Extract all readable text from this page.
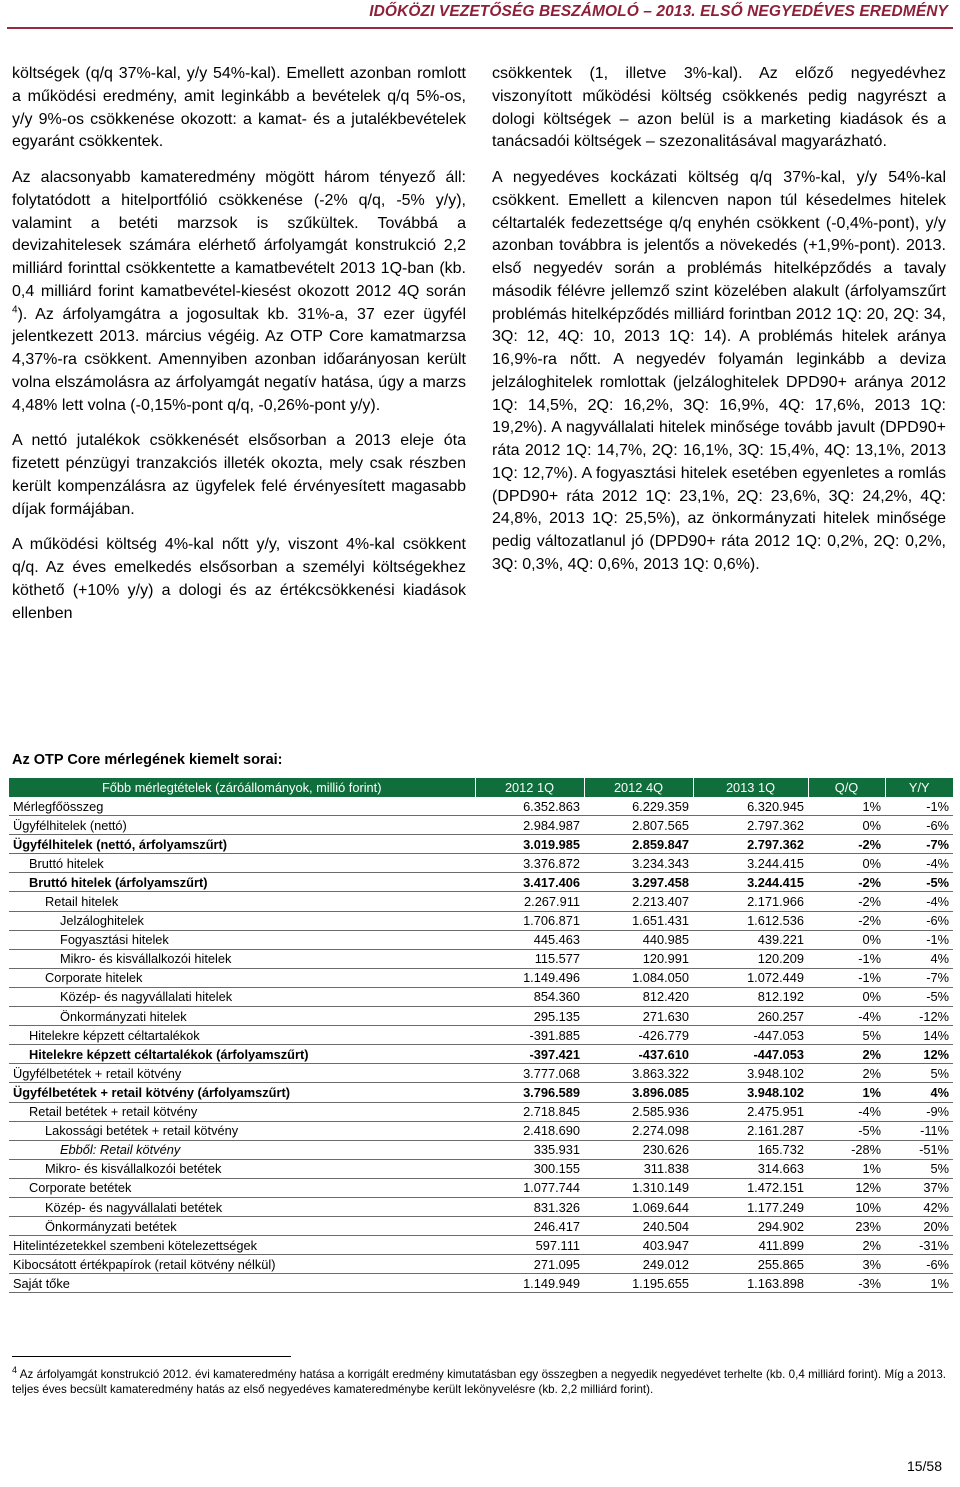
IDŐKÖZI VEZETŐSÉG BESZÁMOLÓ – 2013. ELSŐ NEGYEDÉVES EREDMÉNY

költségek (q/q 37%-kal, y/y 54%-kal). Emellett azonban romlott a működési eredmény, amit leginkább a bevételek q/q 5%-os, y/y 9%-os csökkenése okozott: a kamat- és a jutalékbevételek egyaránt csökkentek.

Az alacsonyabb kamateredmény mögött három tényező áll: folytatódott a hitelportfólió csökkenése (-2% q/q, -5% y/y), valamint a betéti marzsok is szűkültek. Továbbá a devizahitelesek számára elérhető árfolyamgát konstrukció 2,2 milliárd forinttal csökkentette a kamatbevételt 2013 1Q-ban (kb. 0,4 milliárd forint kamatbevétel-kiesést okozott 2012 4Q során $^4$). Az árfolyamgátra a jogosultak kb. 31%-a, 37 ezer ügyfél jelentkezett 2013. március végéig. Az OTP Core kamatmarzsa 4,37%-ra csökkent. Amennyiben azonban időarányosan került volna elszámolásra az árfolyamgát negatív hatása, úgy a marzs 4,48% lett volna (-0,15%-pont q/q, -0,26%-pont y/y).

A nettó jutalékok csökkenését elsősorban a 2013 eleje óta fizetett pénzügyi tranzakciós illeték okozta, mely csak részben került kompenzálásra az ügyfelek felé érvényesített magasabb díjak formájában.

A működési költség 4%-kal nőtt y/y, viszont 4%-kal csökkent q/q. Az éves emelkedés elsősorban a személyi költségekhez köthető (+10% y/y) a dologi és az értékcsökkenési kiadások ellenben

csökkentek (1, illetve 3%-kal). Az előző negyedévhez viszonyított működési költség csökkenés pedig nagyrészt a dologi költségek – azon belül is a marketing kiadások és a tanácsadói költségek – szezonalitásával magyarázható.

A negyedéves kockázati költség q/q 37%-kal, y/y 54%-kal csökkent. Emellett a kilencven napon túl késedelmes hitelek céltartalék fedezettsége q/q enyhén csökkent (-0,4%-pont), y/y azonban továbbra is jelentős a növekedés (+1,9%-pont). 2013. első negyedév során a problémás hitelképződés a tavaly második félévre jellemző szint közelében alakult (árfolyamszűrt problémás hitelképződés milliárd forintban 2012 1Q: 20, 2Q: 34, 3Q: 12, 4Q: 10, 2013 1Q: 14). A problémás hitelek aránya 16,9%-ra nőtt. A negyedév folyamán leginkább a deviza jelzáloghitelek romlottak (jelzáloghitelek DPD90+ aránya 2012 1Q: 14,5%, 2Q: 16,2%, 3Q: 16,9%, 4Q: 17,6%, 2013 1Q: 19,2%). A nagyvállalati hitelek minősége tovább javult (DPD90+ ráta 2012 1Q: 14,7%, 2Q: 16,1%, 3Q: 15,4%, 4Q: 13,1%, 2013 1Q: 12,7%). A fogyasztási hitelek esetében egyenletes a romlás (DPD90+ ráta 2012 1Q: 23,1%, 2Q: 23,6%, 3Q: 24,2%, 4Q: 24,8%, 2013 1Q: 25,5%), az önkormányzati hitelek minősége pedig változatlanul jó (DPD90+ ráta 2012 1Q: 0,2%, 2Q: 0,2%, 3Q: 0,3%, 4Q: 0,6%, 2013 1Q: 0,6%).

Az OTP Core mérlegének kiemelt sorai:
Főbb mérlegtételek (záróállományok, millió forint)	2012 1Q	2012 4Q	2013 1Q	Q/Q	Y/Y
Mérlegfőösszeg	6.352.863	6.229.359	6.320.945	1%	-1%
Ügyfélhitelek (nettó)	2.984.987	2.807.565	2.797.362	0%	-6%
Ügyfélhitelek (nettó, árfolyamszűrt)	3.019.985	2.859.847	2.797.362	-2%	-7%
Bruttó hitelek	3.376.872	3.234.343	3.244.415	0%	-4%
Bruttó hitelek (árfolyamszűrt)	3.417.406	3.297.458	3.244.415	-2%	-5%
Retail hitelek	2.267.911	2.213.407	2.171.966	-2%	-4%
Jelzáloghitelek	1.706.871	1.651.431	1.612.536	-2%	-6%
Fogyasztási hitelek	445.463	440.985	439.221	0%	-1%
Mikro- és kisvállalkozói hitelek	115.577	120.991	120.209	-1%	4%
Corporate hitelek	1.149.496	1.084.050	1.072.449	-1%	-7%
Közép- és nagyvállalati hitelek	854.360	812.420	812.192	0%	-5%
Önkormányzati hitelek	295.135	271.630	260.257	-4%	-12%
Hitelekre képzett céltartalékok	-391.885	-426.779	-447.053	5%	14%
Hitelekre képzett céltartalékok (árfolyamszűrt)	-397.421	-437.610	-447.053	2%	12%
Ügyfélbetétek + retail kötvény	3.777.068	3.863.322	3.948.102	2%	5%
Ügyfélbetétek + retail kötvény (árfolyamszűrt)	3.796.589	3.896.085	3.948.102	1%	4%
Retail betétek + retail kötvény	2.718.845	2.585.936	2.475.951	-4%	-9%
Lakossági betétek + retail kötvény	2.418.690	2.274.098	2.161.287	-5%	-11%
Ebből: Retail kötvény	335.931	230.626	165.732	-28%	-51%
Mikro- és kisvállalkozói betétek	300.155	311.838	314.663	1%	5%
Corporate betétek	1.077.744	1.310.149	1.472.151	12%	37%
Közép- és nagyvállalati betétek	831.326	1.069.644	1.177.249	10%	42%
Önkormányzati betétek	246.417	240.504	294.902	23%	20%
Hitelintézetekkel szembeni kötelezettségek	597.111	403.947	411.899	2%	-31%
Kibocsátott értékpapírok (retail kötvény nélkül)	271.095	249.012	255.865	3%	-6%
Saját tőke	1.149.949	1.195.655	1.163.898	-3%	1%
$^4$ Az árfolyamgát konstrukció 2012. évi kamateredmény hatása a korrigált eredmény kimutatásban egy összegben a negyedik negyedévet terhelte (kb. 0,4 milliárd forint). Míg a 2013. teljes éves becsült kamateredmény hatás az első negyedéves kamateredménybe került lekönyvelésre (kb. 2,2 milliárd forint).
15/58
